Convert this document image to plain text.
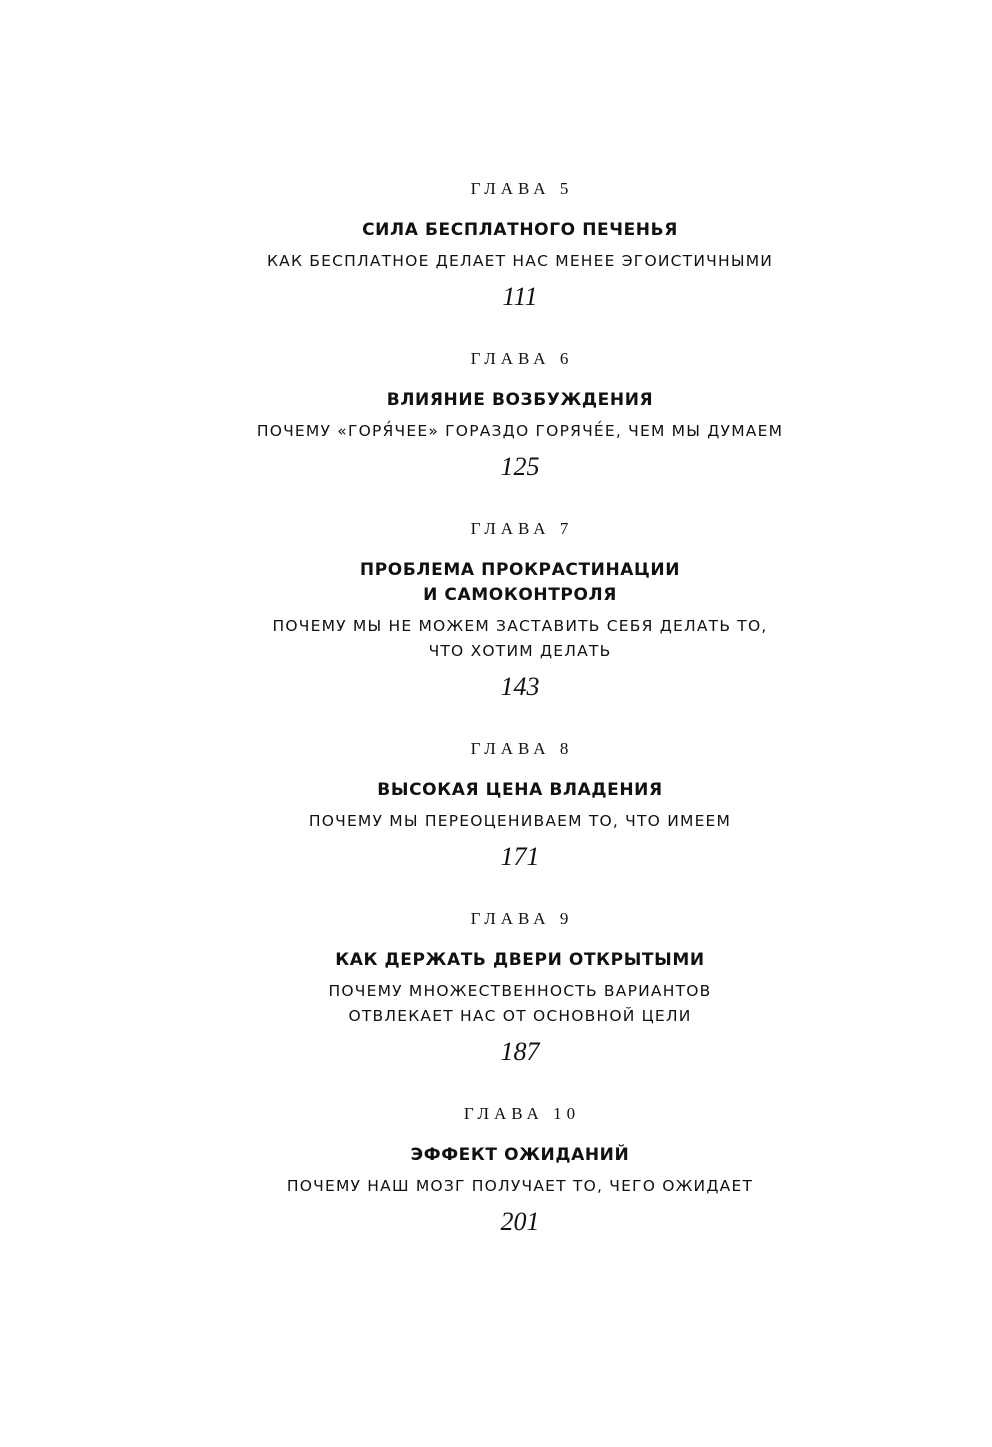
ГЛАВА 5
СИЛА БЕСПЛАТНОГО ПЕЧЕНЬЯ
КАК БЕСПЛАТНОЕ ДЕЛАЕТ НАС МЕНЕЕ ЭГОИСТИЧНЫМИ
111
ГЛАВА 6
ВЛИЯНИЕ ВОЗБУЖДЕНИЯ
ПОЧЕМУ «ГОРЯ́ЧЕЕ» ГОРАЗДО ГОРЯЧЕ́Е, ЧЕМ МЫ ДУМАЕМ
125
ГЛАВА 7
ПРОБЛЕМА ПРОКРАСТИНАЦИИ
И САМОКОНТРОЛЯ
ПОЧЕМУ МЫ НЕ МОЖЕМ ЗАСТАВИТЬ СЕБЯ ДЕЛАТЬ ТО,
ЧТО ХОТИМ ДЕЛАТЬ
143
ГЛАВА 8
ВЫСОКАЯ ЦЕНА ВЛАДЕНИЯ
ПОЧЕМУ МЫ ПЕРЕОЦЕНИВАЕМ ТО, ЧТО ИМЕЕМ
171
ГЛАВА 9
КАК ДЕРЖАТЬ ДВЕРИ ОТКРЫТЫМИ
ПОЧЕМУ МНОЖЕСТВЕННОСТЬ ВАРИАНТОВ
ОТВЛЕКАЕТ НАС ОТ ОСНОВНОЙ ЦЕЛИ
187
ГЛАВА 10
ЭФФЕКТ ОЖИДАНИЙ
ПОЧЕМУ НАШ МОЗГ ПОЛУЧАЕТ ТО, ЧЕГО ОЖИДАЕТ
201
